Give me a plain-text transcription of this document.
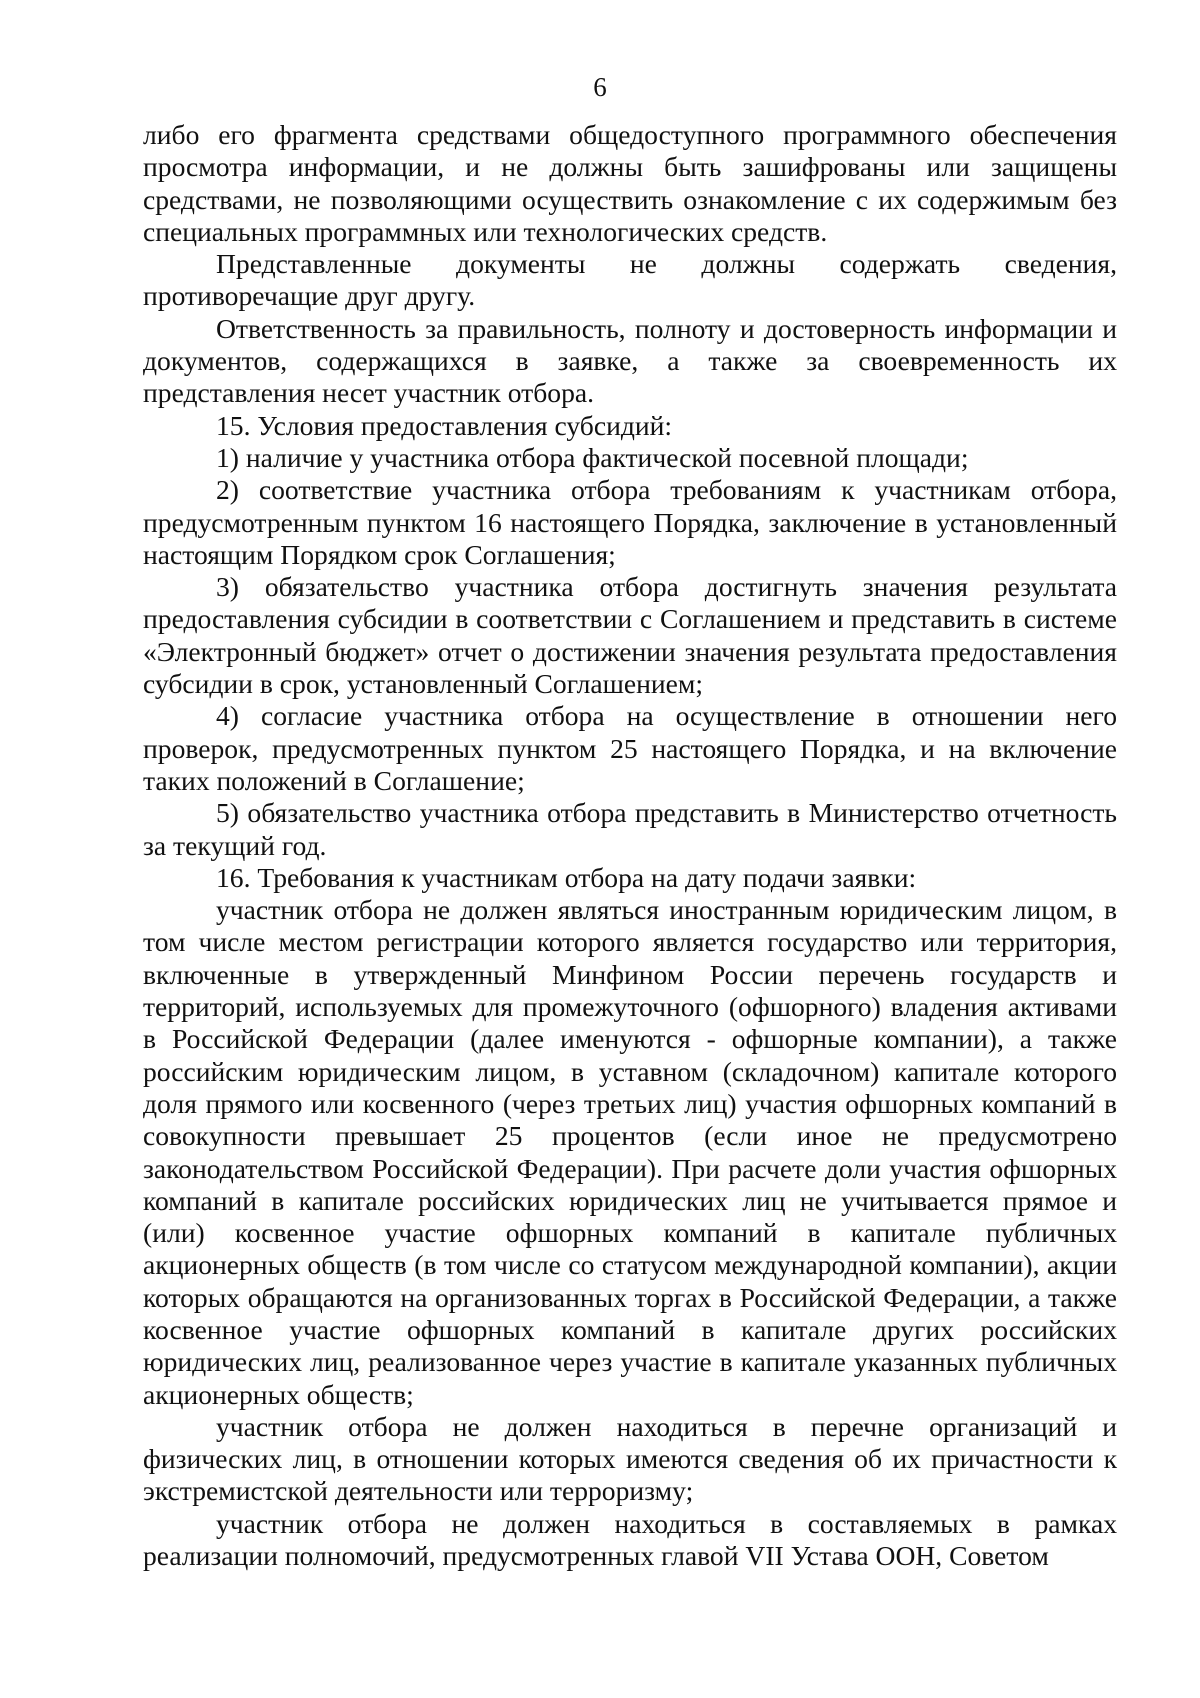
6

либо его фрагмента средствами общедоступного программного обеспечения просмотра информации, и не должны быть зашифрованы или защищены средствами, не позволяющими осуществить ознакомление с их содержимым без специальных программных или технологических средств.

Представленные документы не должны содержать сведения, противоречащие друг другу.

Ответственность за правильность, полноту и достоверность информации и документов, содержащихся в заявке, а также за своевременность их представления несет участник отбора.

15. Условия предоставления субсидий:

1) наличие у участника отбора фактической посевной площади;

2) соответствие участника отбора требованиям к участникам отбора, предусмотренным пунктом 16 настоящего Порядка, заключение в установленный настоящим Порядком срок Соглашения;

3) обязательство участника отбора достигнуть значения результата предоставления субсидии в соответствии с Соглашением и представить в системе «Электронный бюджет» отчет о достижении значения результата предоставления субсидии в срок, установленный Соглашением;

4) согласие участника отбора на осуществление в отношении него проверок, предусмотренных пунктом 25 настоящего Порядка, и на включение таких положений в Соглашение;

5) обязательство участника отбора представить в Министерство отчетность за текущий год.

16. Требования к участникам отбора на дату подачи заявки:

участник отбора не должен являться иностранным юридическим лицом, в том числе местом регистрации которого является государство или территория, включенные в утвержденный Минфином России перечень государств и территорий, используемых для промежуточного (офшорного) владения активами в Российской Федерации (далее именуются - офшорные компании), а также российским юридическим лицом, в уставном (складочном) капитале которого доля прямого или косвенного (через третьих лиц) участия офшорных компаний в совокупности превышает 25 процентов (если иное не предусмотрено законодательством Российской Федерации). При расчете доли участия офшорных компаний в капитале российских юридических лиц не учитывается прямое и (или) косвенное участие офшорных компаний в капитале публичных акционерных обществ (в том числе со статусом международной компании), акции которых обращаются на организованных торгах в Российской Федерации, а также косвенное участие офшорных компаний в капитале других российских юридических лиц, реализованное через участие в капитале указанных публичных акционерных обществ;

участник отбора не должен находиться в перечне организаций и физических лиц, в отношении которых имеются сведения об их причастности к экстремистской деятельности или терроризму;

участник отбора не должен находиться в составляемых в рамках реализации полномочий, предусмотренных главой VII Устава ООН, Советом
